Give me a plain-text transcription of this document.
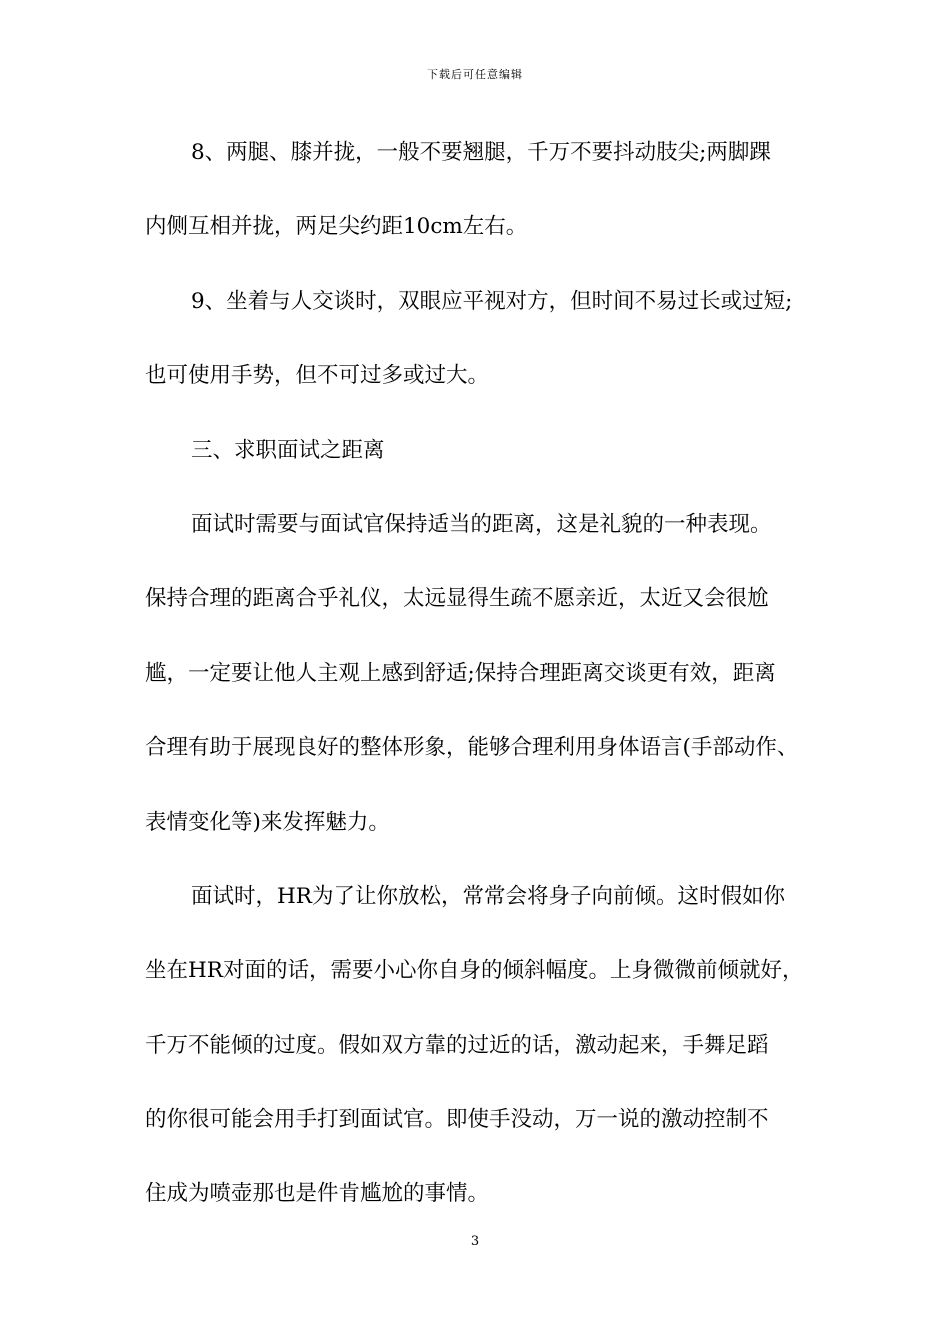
下载后可任意编辑
8、两腿、膝并拢，一般不要翘腿，千万不要抖动肢尖;两脚踝
内侧互相并拢，两足尖约距10cm左右。
9、坐着与人交谈时，双眼应平视对方，但时间不易过长或过短;
也可使用手势，但不可过多或过大。
三、求职面试之距离
面试时需要与面试官保持适当的距离，这是礼貌的一种表现。
保持合理的距离合乎礼仪，太远显得生疏不愿亲近，太近又会很尬
尴，一定要让他人主观上感到舒适;保持合理距离交谈更有效，距离
合理有助于展现良好的整体形象，能够合理利用身体语言(手部动作、
表情变化等)来发挥魅力。
面试时，HR为了让你放松，常常会将身子向前倾。这时假如你
坐在HR对面的话，需要小心你自身的倾斜幅度。上身微微前倾就好，
千万不能倾的过度。假如双方靠的过近的话，激动起来，手舞足蹈
的你很可能会用手打到面试官。即使手没动，万一说的激动控制不
住成为喷壶那也是件肯尴尬的事情。
3
